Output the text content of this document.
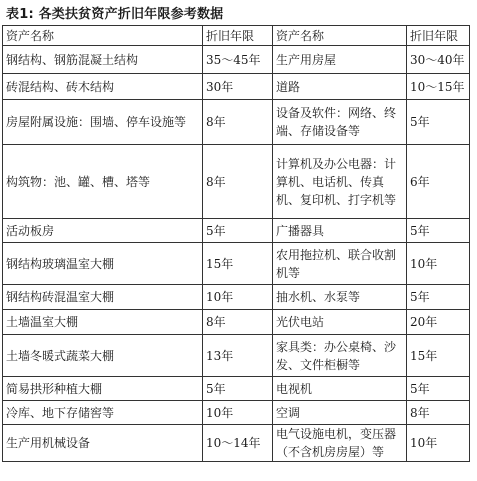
表1: 各类扶贫资产折旧年限参考数据
资产名称	折旧年限	资产名称	折旧年限
钢结构、钢筋混凝土结构	35～45年	生产用房屋	30～40年
砖混结构、砖木结构	30年	道路	10～15年
房屋附属设施：围墙、停车设施等	8年	设备及软件：网络、终端、存储设备等	5年
构筑物：池、罐、槽、塔等	8年	计算机及办公电器：计算机、电话机、传真机、复印机、打字机等	6年
活动板房	5年	广播器具	5年
钢结构玻璃温室大棚	15年	农用拖拉机、联合收割机等	10年
钢结构砖混温室大棚	10年	抽水机、水泵等	5年
土墙温室大棚	8年	光伏电站	20年
土墙冬暖式蔬菜大棚	13年	家具类：办公桌椅、沙发、文件柜橱等	15年
简易拱形种植大棚	5年	电视机	5年
冷库、地下存储窖等	10年	空调	8年
生产用机械设备	10～14年	电气设施电机，变压器（不含机房房屋）等	10年
